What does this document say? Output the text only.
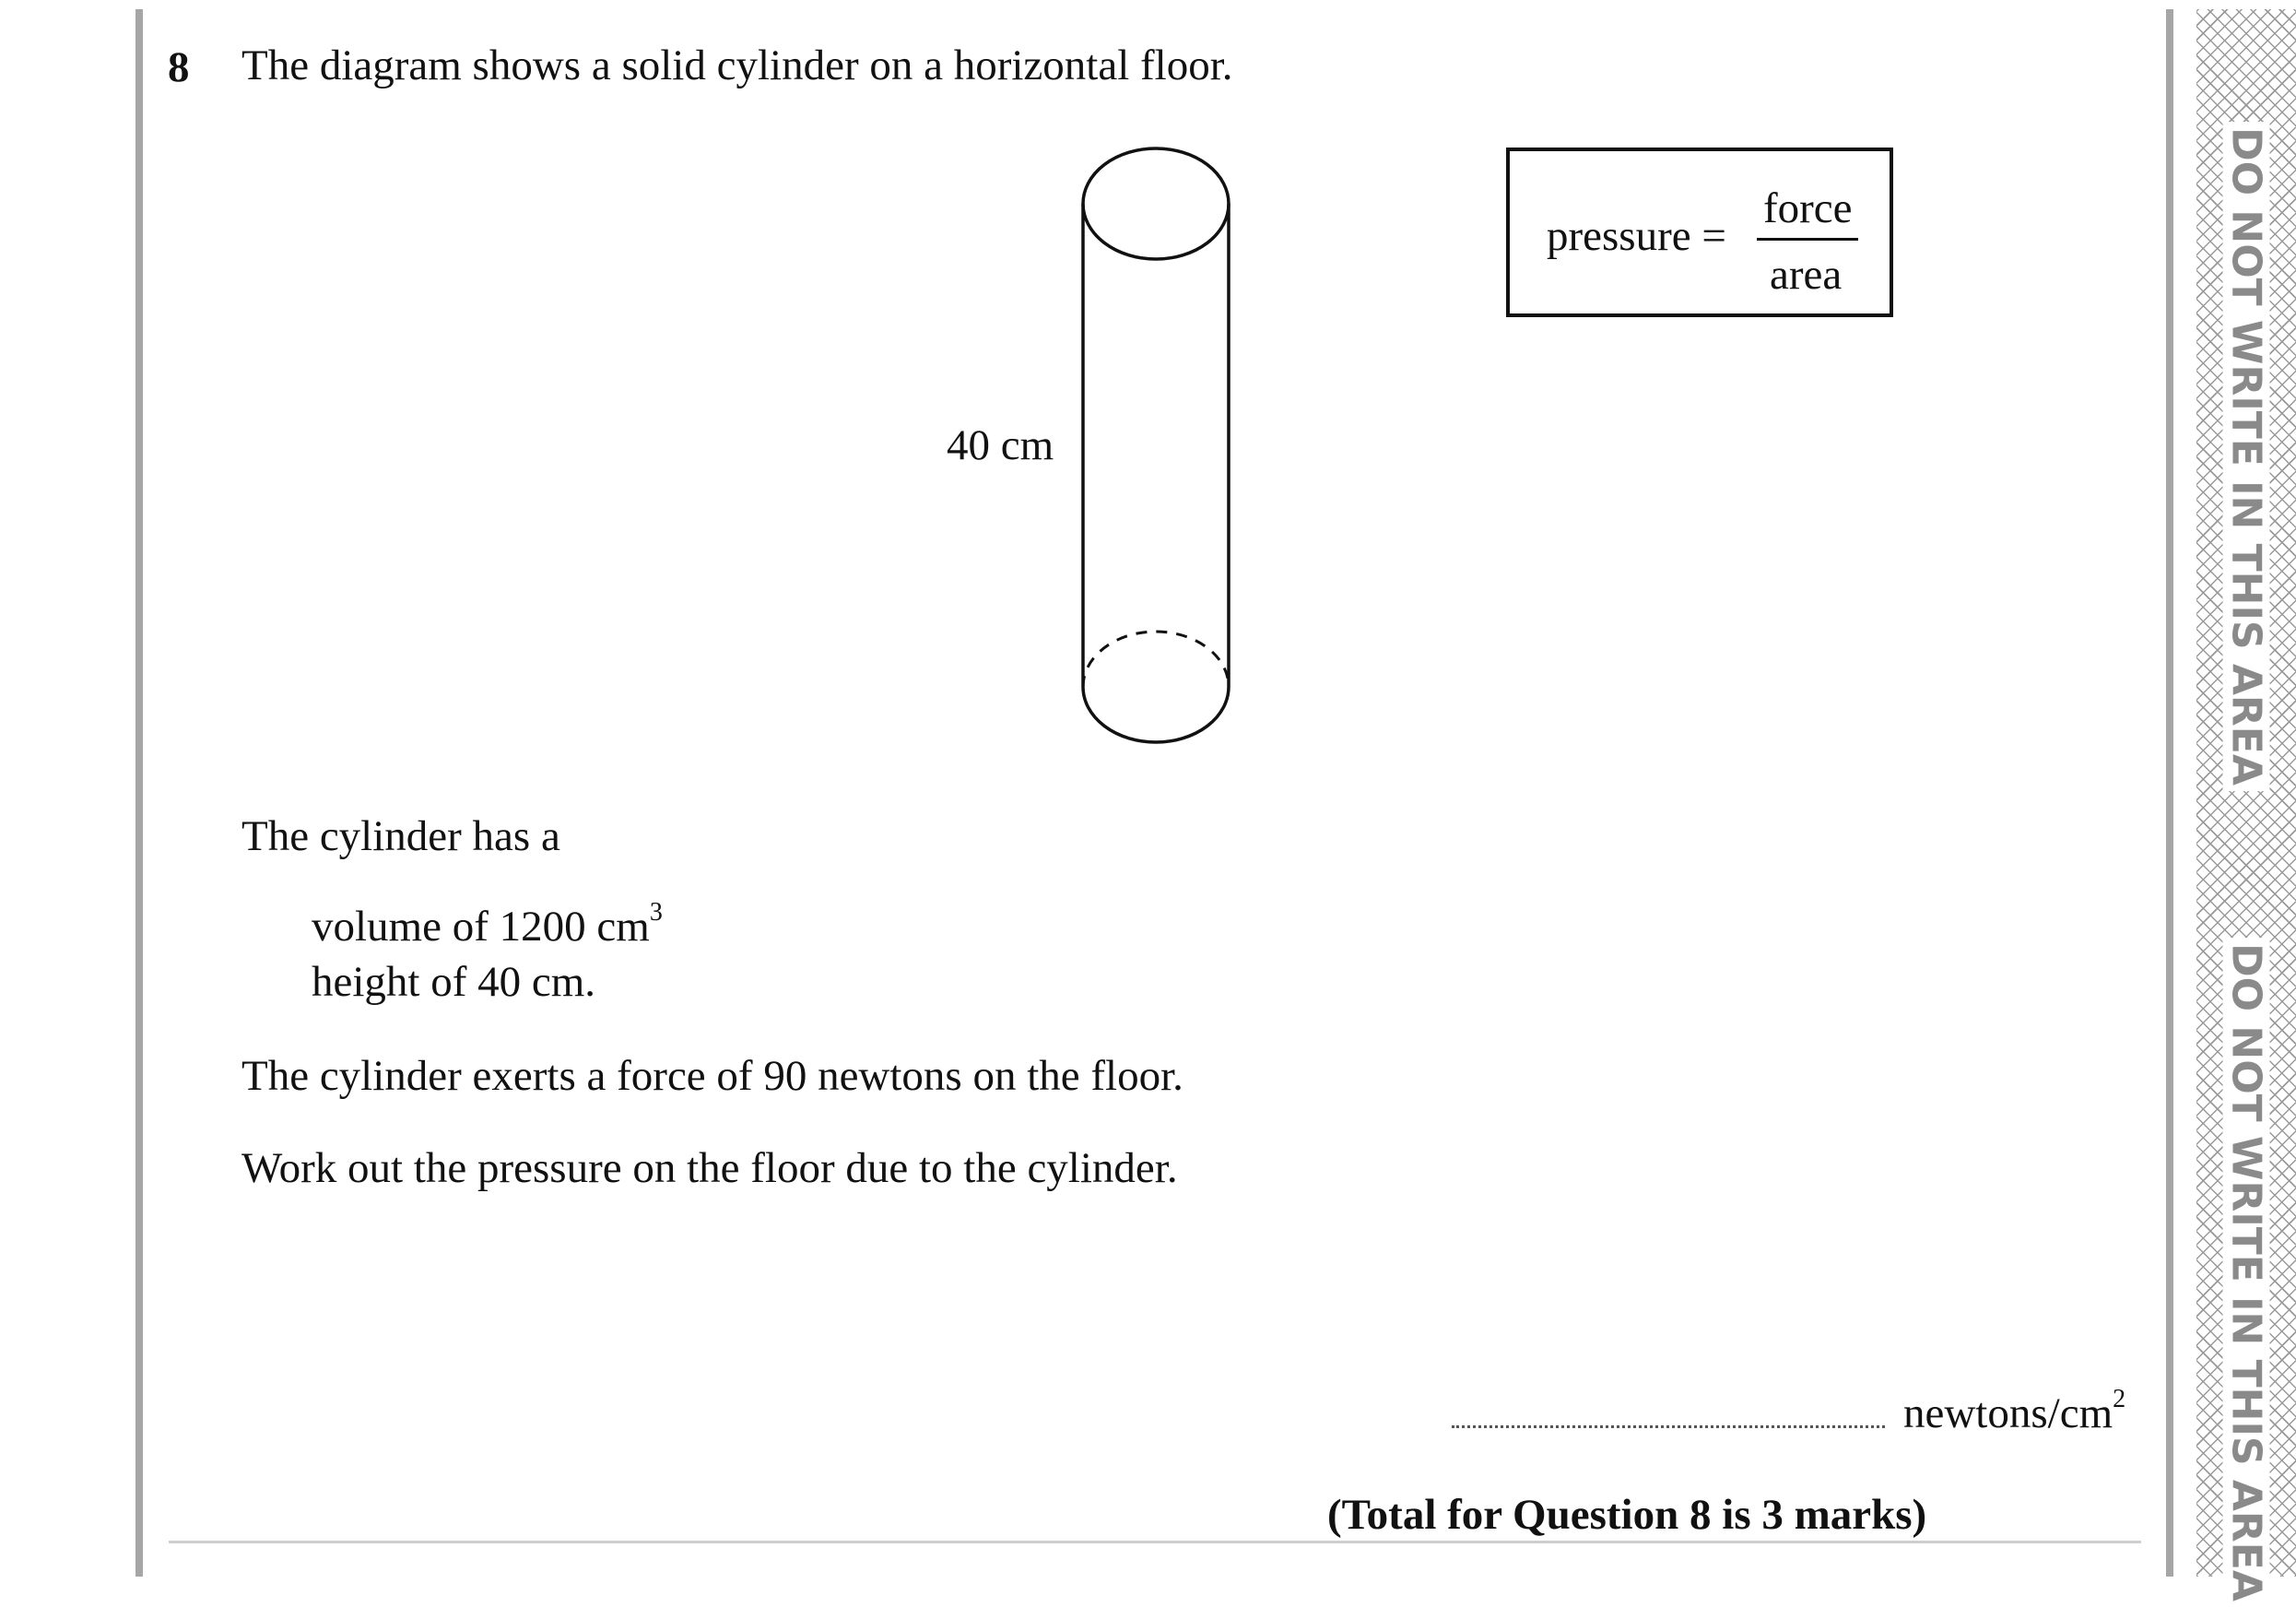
DO NOT WRITE IN THIS AREA
DO NOT WRITE IN THIS AREA
8 The diagram shows a solid cylinder on a horizontal floor.
40 cm
pressure =
force
area
The cylinder has a
volume of 1200 $cm^3$
height of 40 cm.
The cylinder exerts a force of 90 newtons on the floor.
Work out the pressure on the floor due to the cylinder.
newtons/$cm^2$
(Total for Question 8 is 3 marks)
